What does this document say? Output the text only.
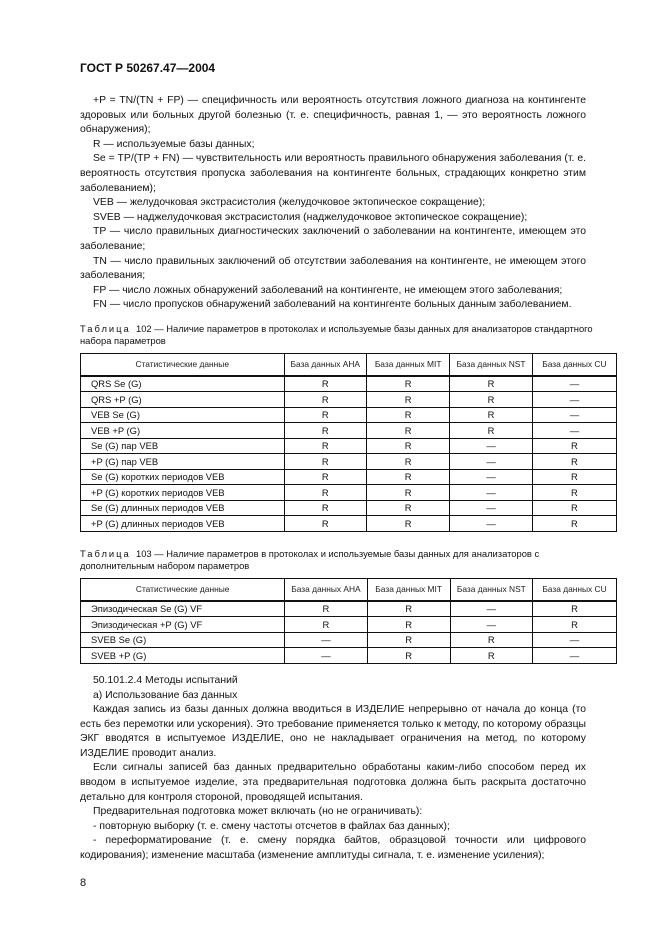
ГОСТ Р 50267.47—2004

+P = TN/(TN + FP) — специфичность или вероятность отсутствия ложного диагноза на контингенте здоровых или больных другой болезнью (т. е. специфичность, равная 1, — это вероятность ложного обнаружения);

R — используемые базы данных;

Se = TP/(TP + FN) — чувствительность или вероятность правильного обнаружения заболевания (т. е. вероятность отсутствия пропуска заболевания на контингенте больных, страдающих конкретно этим заболеванием);

VEB — желудочковая экстрасистолия (желудочковое эктопическое сокращение);

SVEB — наджелудочковая экстрасистолия (наджелудочковое эктопическое сокращение);

TP — число правильных диагностических заключений о заболевании на контингенте, имеющем это заболевание;

TN — число правильных заключений об отсутствии заболевания на контингенте, не имеющем этого заболевания;

FP — число ложных обнаружений заболеваний на контингенте, не имеющем этого заболевания;

FN — число пропусков обнаружений заболеваний на контингенте больных данным заболеванием.

Таблица 102 — Наличие параметров в протоколах и используемые базы данных для анализаторов стандартного набора параметров
Статистические данные	База данных AHA	База данных MIT	База данных NST	База данных CU
QRS Se (G)	R	R	R	—
QRS +P (G)	R	R	R	—
VEB Se (G)	R	R	R	—
VEB +P (G)	R	R	R	—
Se (G) пар VEB	R	R	—	R
+P (G) пар VEB	R	R	—	R
Se (G) коротких периодов VEB	R	R	—	R
+P (G) коротких периодов VEB	R	R	—	R
Se (G) длинных периодов VEB	R	R	—	R
+P (G) длинных периодов VEB	R	R	—	R
Таблица 103 — Наличие параметров в протоколах и используемые базы данных для анализаторов с дополнительным набором параметров
Статистические данные	База данных AHA	База данных MIT	База данных NST	База данных CU
Эпизодическая Se (G) VF	R	R	—	R
Эпизодическая +P (G) VF	R	R	—	R
SVEB Se (G)	—	R	R	—
SVEB +P (G)	—	R	R	—

50.101.2.4 Методы испытаний

а) Использование баз данных

Каждая запись из базы данных должна вводиться в ИЗДЕЛИЕ непрерывно от начала до конца (то есть без перемотки или ускорения). Это требование применяется только к методу, по которому образцы ЭКГ вводятся в испытуемое ИЗДЕЛИЕ, оно не накладывает ограничения на метод, по которому ИЗДЕЛИЕ проводит анализ.

Если сигналы записей баз данных предварительно обработаны каким-либо способом перед их вводом в испытуемое изделие, эта предварительная подготовка должна быть раскрыта достаточно детально для контроля стороной, проводящей испытания.

Предварительная подготовка может включать (но не ограничивать):

- повторную выборку (т. е. смену частоты отсчетов в файлах баз данных);

- переформатирование (т. е. смену порядка байтов, образцовой точности или цифрового кодирования); изменение масштаба (изменение амплитуды сигнала, т. е. изменение усиления);

8
